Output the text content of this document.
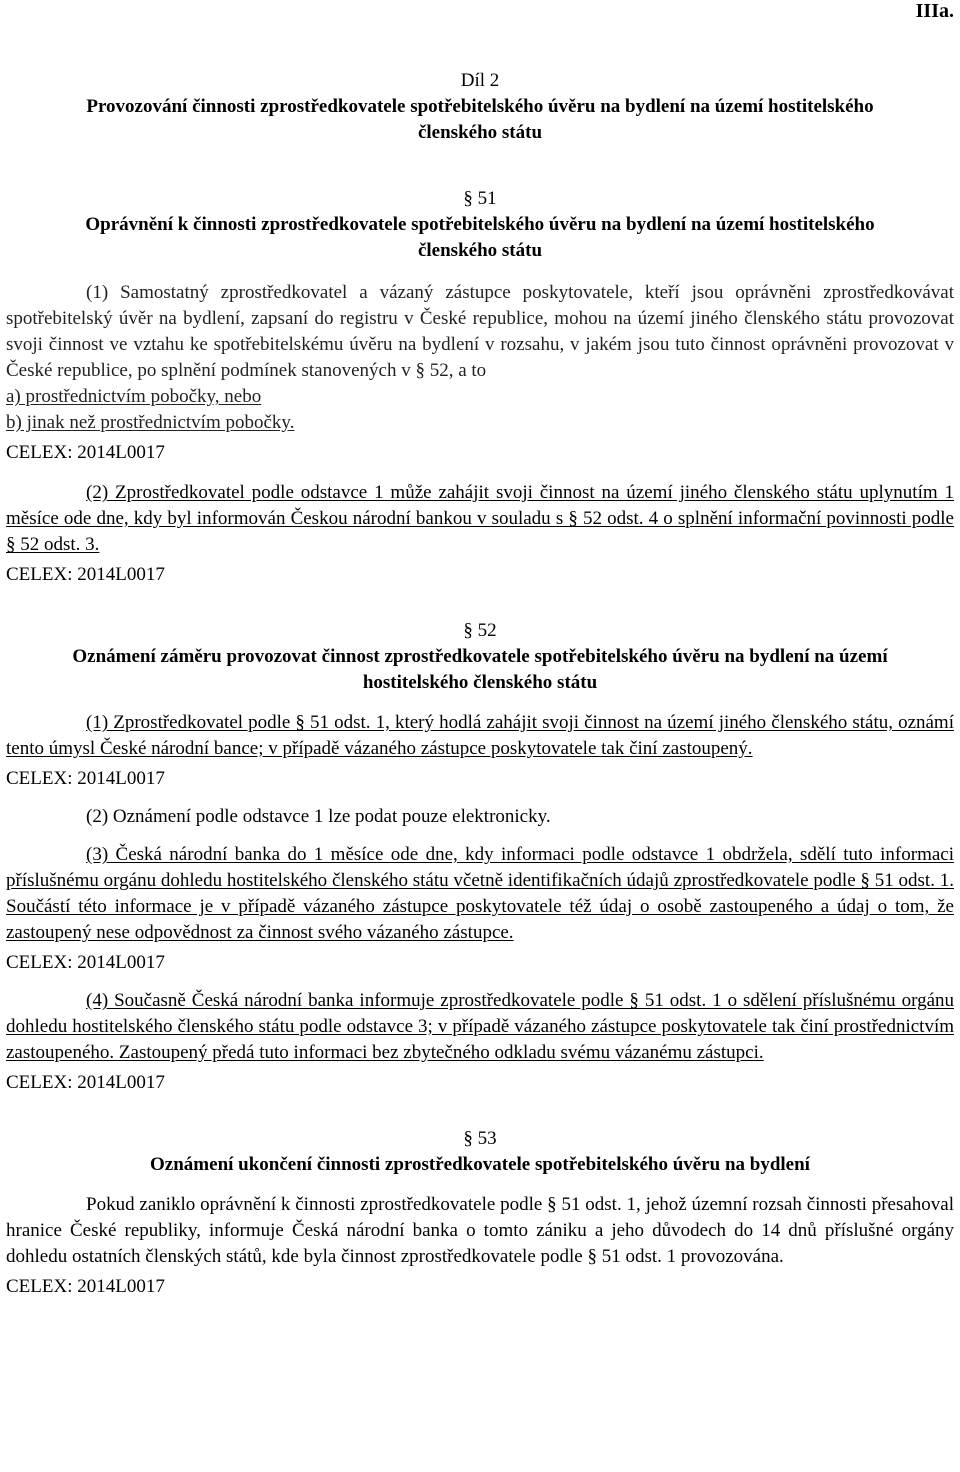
IIIa.
Díl 2
Provozování činnosti zprostředkovatele spotřebitelského úvěru na bydlení na území hostitelského členského státu
§ 51
Oprávnění k činnosti zprostředkovatele spotřebitelského úvěru na bydlení na území hostitelského členského státu

(1) Samostatný zprostředkovatel a vázaný zástupce poskytovatele, kteří jsou oprávněni zprostředkovávat spotřebitelský úvěr na bydlení, zapsaní do registru v České republice, mohou na území jiného členského státu provozovat svoji činnost ve vztahu ke spotřebitelskému úvěru na bydlení v rozsahu, v jakém jsou tuto činnost oprávněni provozovat v České republice, po splnění podmínek stanovených v § 52, a to

a) prostřednictvím pobočky, nebo

b) jinak než prostřednictvím pobočky.

CELEX: 2014L0017

(2) Zprostředkovatel podle odstavce 1 může zahájit svoji činnost na území jiného členského státu uplynutím 1 měsíce ode dne, kdy byl informován Českou národní bankou v souladu s § 52 odst. 4 o splnění informační povinnosti podle § 52 odst. 3.

CELEX: 2014L0017
§ 52
Oznámení záměru provozovat činnost zprostředkovatele spotřebitelského úvěru na bydlení na území hostitelského členského státu

(1) Zprostředkovatel podle § 51 odst. 1, který hodlá zahájit svoji činnost na území jiného členského státu, oznámí tento úmysl České národní bance; v případě vázaného zástupce poskytovatele tak činí zastoupený.

CELEX: 2014L0017

(2) Oznámení podle odstavce 1 lze podat pouze elektronicky.

(3) Česká národní banka do 1 měsíce ode dne, kdy informaci podle odstavce 1 obdržela, sdělí tuto informaci příslušnému orgánu dohledu hostitelského členského státu včetně identifikačních údajů zprostředkovatele podle § 51 odst. 1. Součástí této informace je v případě vázaného zástupce poskytovatele též údaj o osobě zastoupeného a údaj o tom, že zastoupený nese odpovědnost za činnost svého vázaného zástupce.

CELEX: 2014L0017

(4) Současně Česká národní banka informuje zprostředkovatele podle § 51 odst. 1 o sdělení příslušnému orgánu dohledu hostitelského členského státu podle odstavce 3; v případě vázaného zástupce poskytovatele tak činí prostřednictvím zastoupeného. Zastoupený předá tuto informaci bez zbytečného odkladu svému vázanému zástupci.

CELEX: 2014L0017
§ 53
Oznámení ukončení činnosti zprostředkovatele spotřebitelského úvěru na bydlení

Pokud zaniklo oprávnění k činnosti zprostředkovatele podle § 51 odst. 1, jehož územní rozsah činnosti přesahoval hranice České republiky, informuje Česká národní banka o tomto zániku a jeho důvodech do 14 dnů příslušné orgány dohledu ostatních členských států, kde byla činnost zprostředkovatele podle § 51 odst. 1 provozována.

CELEX: 2014L0017
